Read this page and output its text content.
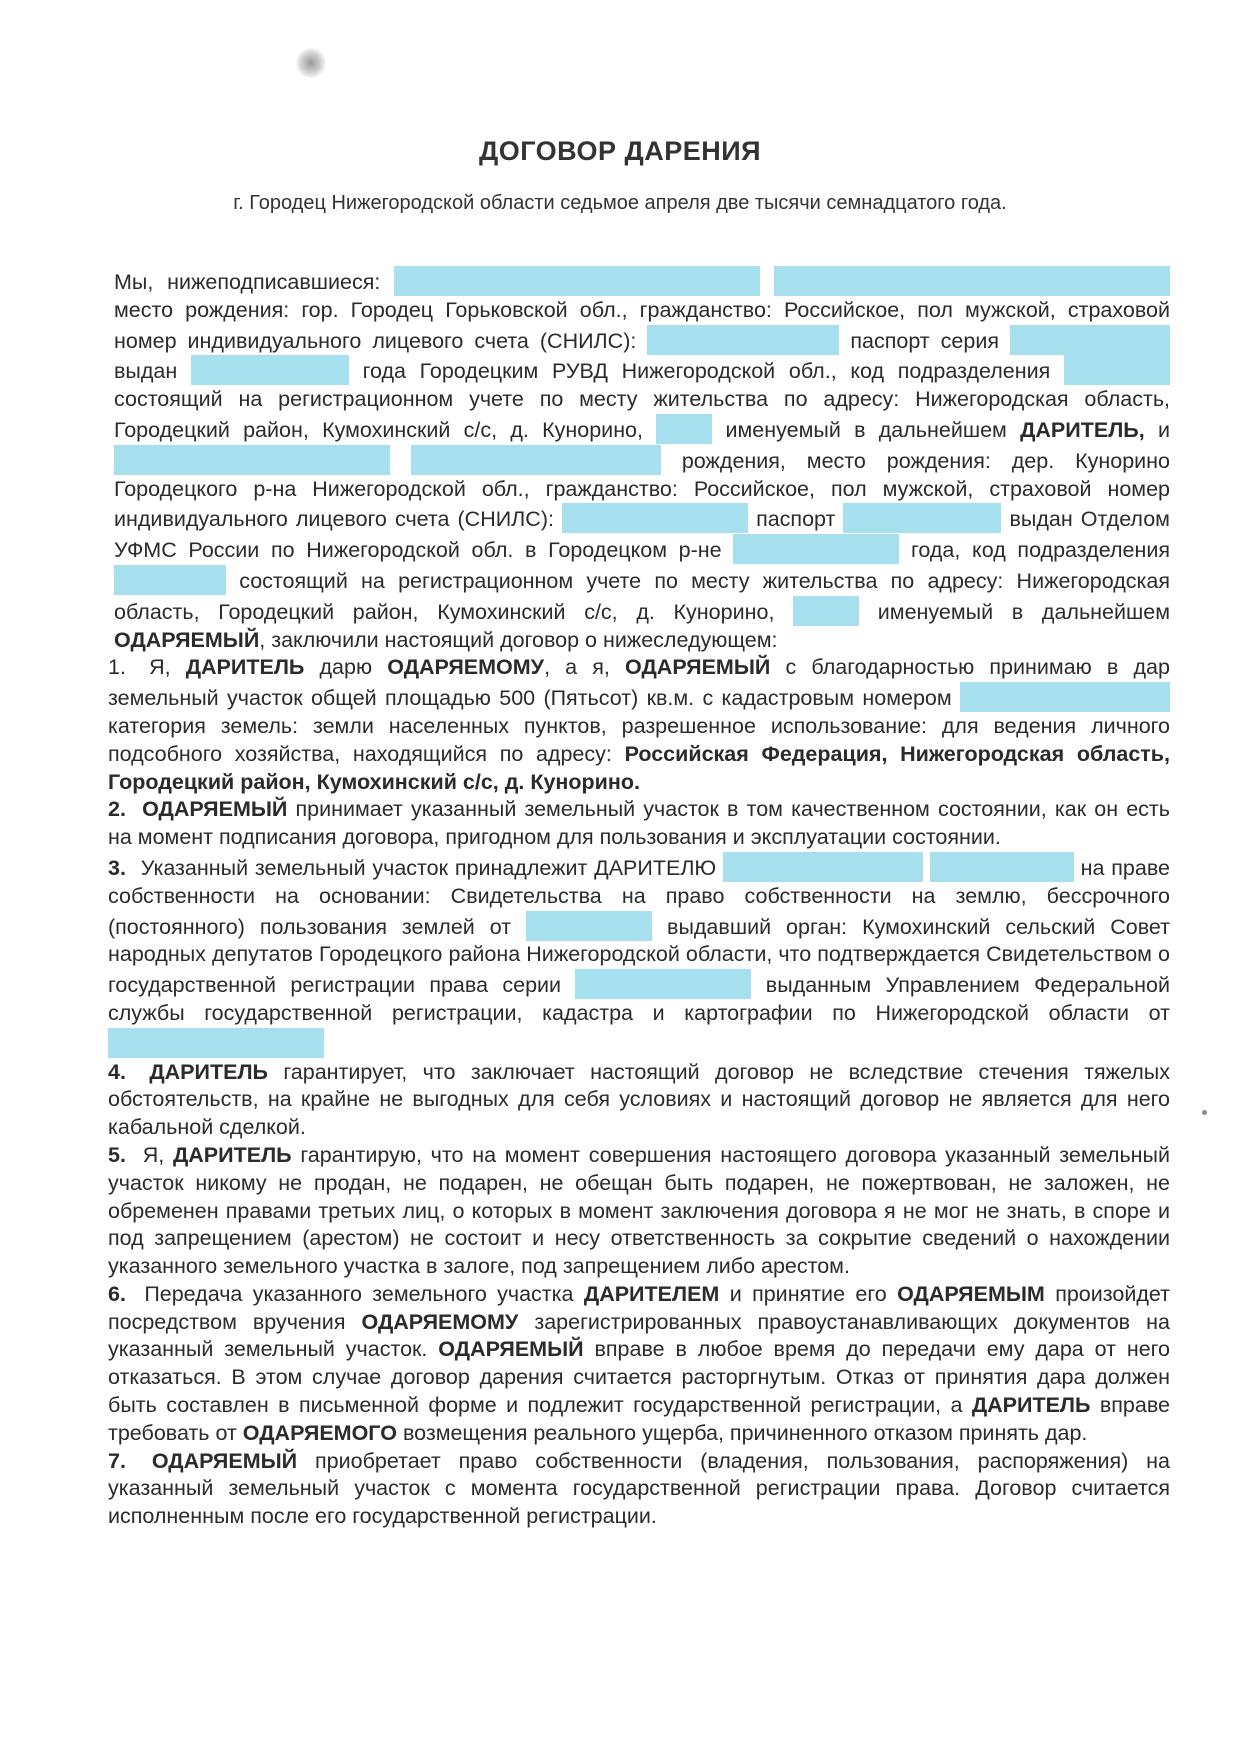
ДОГОВОР ДАРЕНИЯ
г. Городец Нижегородской области седьмое апреля две тысячи семнадцатого года.

Мы, нижеподписавшиеся:   место рождения: гор. Городец Горьковской обл., гражданство: Российское, пол мужской, страховой номер индивидуального лицевого счета (СНИЛС):	паспорт серия  выдан	года Городецким РУВД Нижегородской обл., код подразделения  состоящий на регистрационном учете по месту жительства по адресу: Нижегородская область, Городецкий район, Кумохинский с/с, д. Кунорино,	именуемый в дальнейшем ДАРИТЕЛЬ, и   рождения, место рождения: дер. Кунорино Городецкого р-на Нижегородской обл., гражданство: Российское, пол мужской, страховой номер индивидуального лицевого счета (СНИЛС):	паспорт	выдан Отделом УФМС России по Нижегородской обл. в Городецком р-не	года, код подразделения  состоящий на регистрационном учете по месту жительства по адресу: Нижегородская область, Городецкий район, Кумохинский с/с, д. Кунорино,	именуемый в дальнейшем ОДАРЯЕМЫЙ, заключили настоящий договор о нижеследующем:

1. Я, ДАРИТЕЛЬ дарю ОДАРЯЕМОМУ, а я, ОДАРЯЕМЫЙ с благодарностью принимаю в дар земельный участок общей площадью 500 (Пятьсот) кв.м. с кадастровым номером  категория земель: земли населенных пунктов, разрешенное использование: для ведения личного подсобного хозяйства, находящийся по адресу: Российская Федерация, Нижегородская область, Городецкий район, Кумохинский с/с, д. Кунорино.

2. ОДАРЯЕМЫЙ принимает указанный земельный участок в том качественном состоянии, как он есть на момент подписания договора, пригодном для пользования и эксплуатации состоянии.

3. Указанный земельный участок принадлежит ДАРИТЕЛЮ	на праве собственности на основании: Свидетельства на право собственности на землю, бессрочного (постоянного) пользования землей от	выдавший орган: Кумохинский сельский Совет народных депутатов Городецкого района Нижегородской области, что подтверждается Свидетельством о государственной регистрации права серии	выданным Управлением Федеральной службы государственной регистрации, кадастра и картографии по Нижегородской области от

4. ДАРИТЕЛЬ гарантирует, что заключает настоящий договор не вследствие стечения тяжелых обстоятельств, на крайне не выгодных для себя условиях и настоящий договор не является для него кабальной сделкой.

5. Я, ДАРИТЕЛЬ гарантирую, что на момент совершения настоящего договора указанный земельный участок никому не продан, не подарен, не обещан быть подарен, не пожертвован, не заложен, не обременен правами третьих лиц, о которых в момент заключения договора я не мог не знать, в споре и под запрещением (арестом) не состоит и несу ответственность за сокрытие сведений о нахождении указанного земельного участка в залоге, под запрещением либо арестом.

6. Передача указанного земельного участка ДАРИТЕЛЕМ и принятие его ОДАРЯЕМЫМ произойдет посредством вручения ОДАРЯЕМОМУ зарегистрированных правоустанавливающих документов на указанный земельный участок. ОДАРЯЕМЫЙ вправе в любое время до передачи ему дара от него отказаться. В этом случае договор дарения считается расторгнутым. Отказ от принятия дара должен быть составлен в письменной форме и подлежит государственной регистрации, а ДАРИТЕЛЬ вправе требовать от ОДАРЯЕМОГО возмещения реального ущерба, причиненного отказом принять дар.

7. ОДАРЯЕМЫЙ приобретает право собственности (владения, пользования, распоряжения) на указанный земельный участок с момента государственной регистрации права. Договор считается исполненным после его государственной регистрации.
